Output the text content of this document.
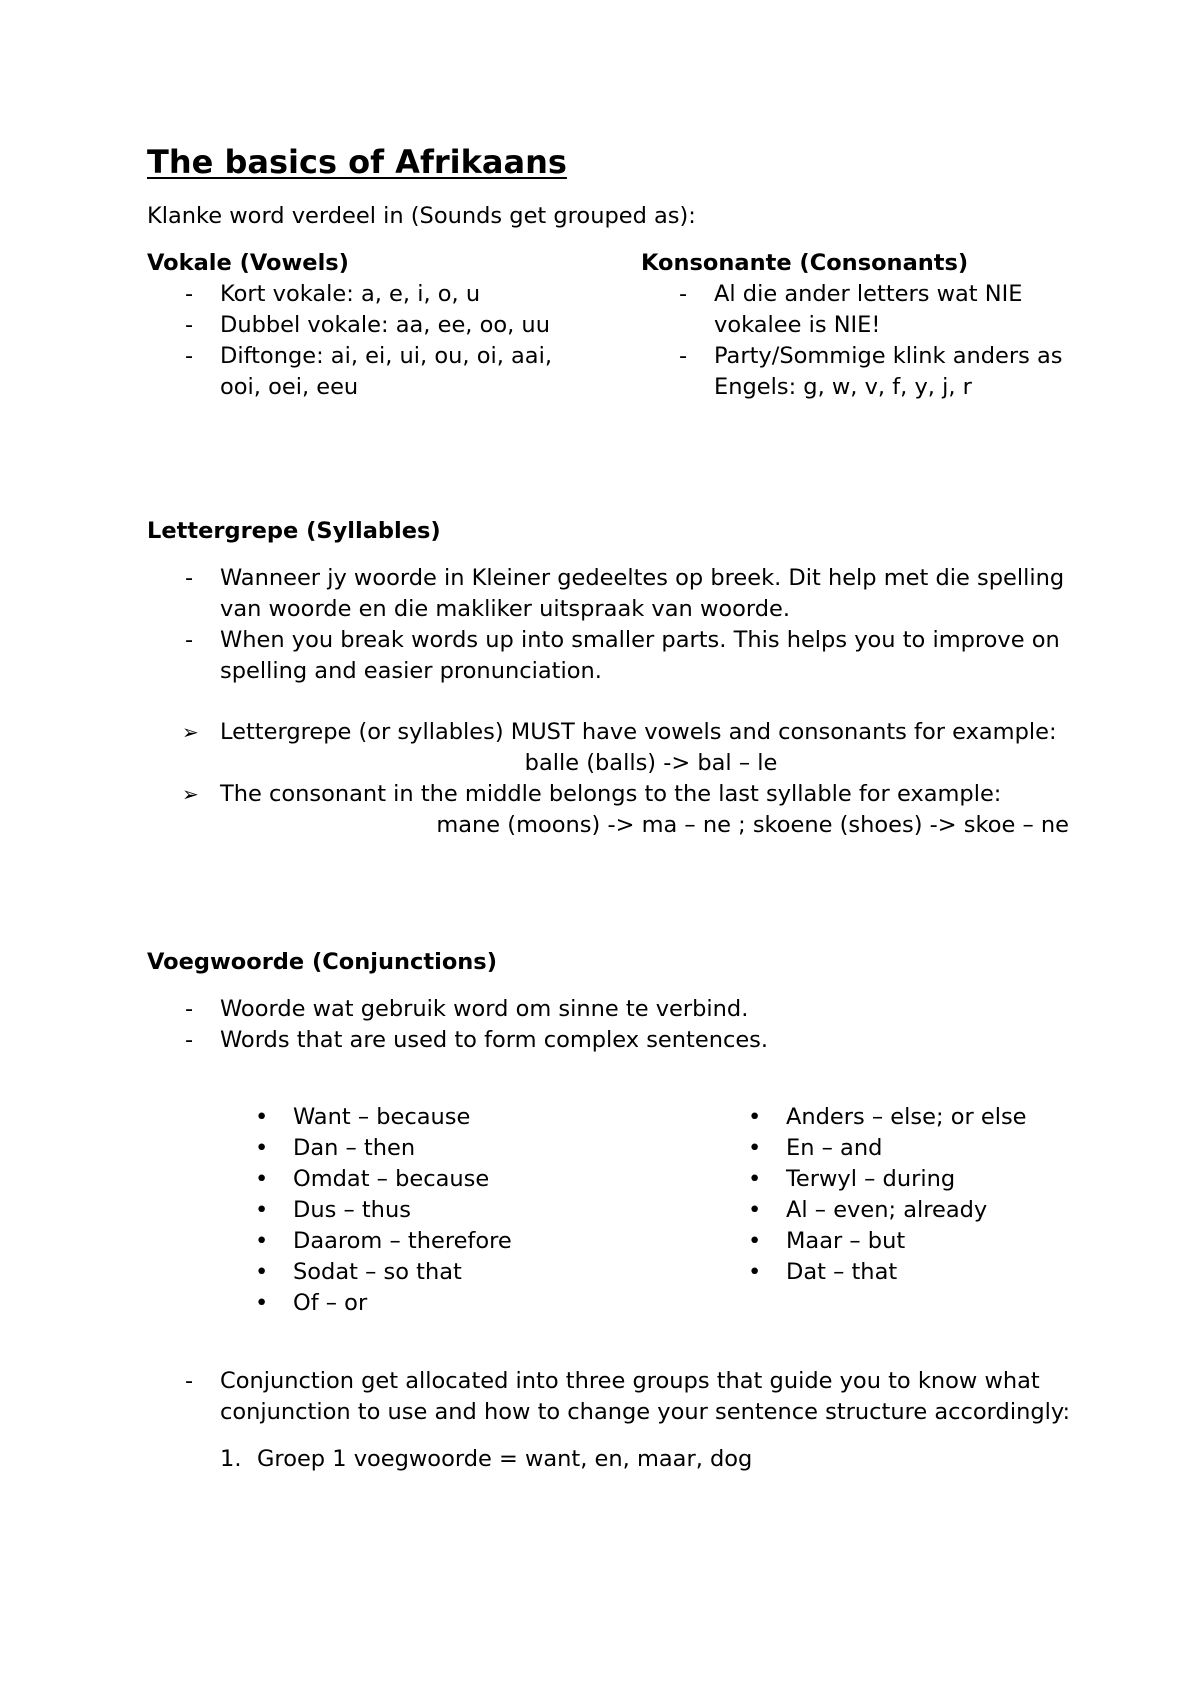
The basics of Afrikaans
Klanke word verdeel in (Sounds get grouped as):
Vokale (Vowels)
- Kort vokale: a, e, i, o, u
- Dubbel vokale: aa, ee, oo, uu
- Diftonge: ai, ei, ui, ou, oi, aai, ooi, oei, eeu
Konsonante (Consonants)
- Al die ander letters wat NIE vokalee is NIE!
- Party/Sommige klink anders as Engels: g, w, v, f, y, j, r
Lettergrepe (Syllables)
- Wanneer jy woorde in Kleiner gedeeltes op breek. Dit help met die spelling van woorde en die makliker uitspraak van woorde.
- When you break words up into smaller parts. This helps you to improve on spelling and easier pronunciation.
➢ Lettergrepe (or syllables) MUST have vowels and consonants for example:
balle (balls) -> bal – le
➢ The consonant in the middle belongs to the last syllable for example:
mane (moons) -> ma – ne ; skoene (shoes) -> skoe – ne
Voegwoorde (Conjunctions)
- Woorde wat gebruik word om sinne te verbind.
- Words that are used to form complex sentences.
• Want – because
• Dan – then
• Omdat – because
• Dus – thus
• Daarom – therefore
• Sodat – so that
• Of – or
• Anders – else; or else
• En – and
• Terwyl – during
• Al – even; already
• Maar – but
• Dat – that
- Conjunction get allocated into three groups that guide you to know what conjunction to use and how to change your sentence structure accordingly:
1. Groep 1 voegwoorde = want, en, maar, dog
